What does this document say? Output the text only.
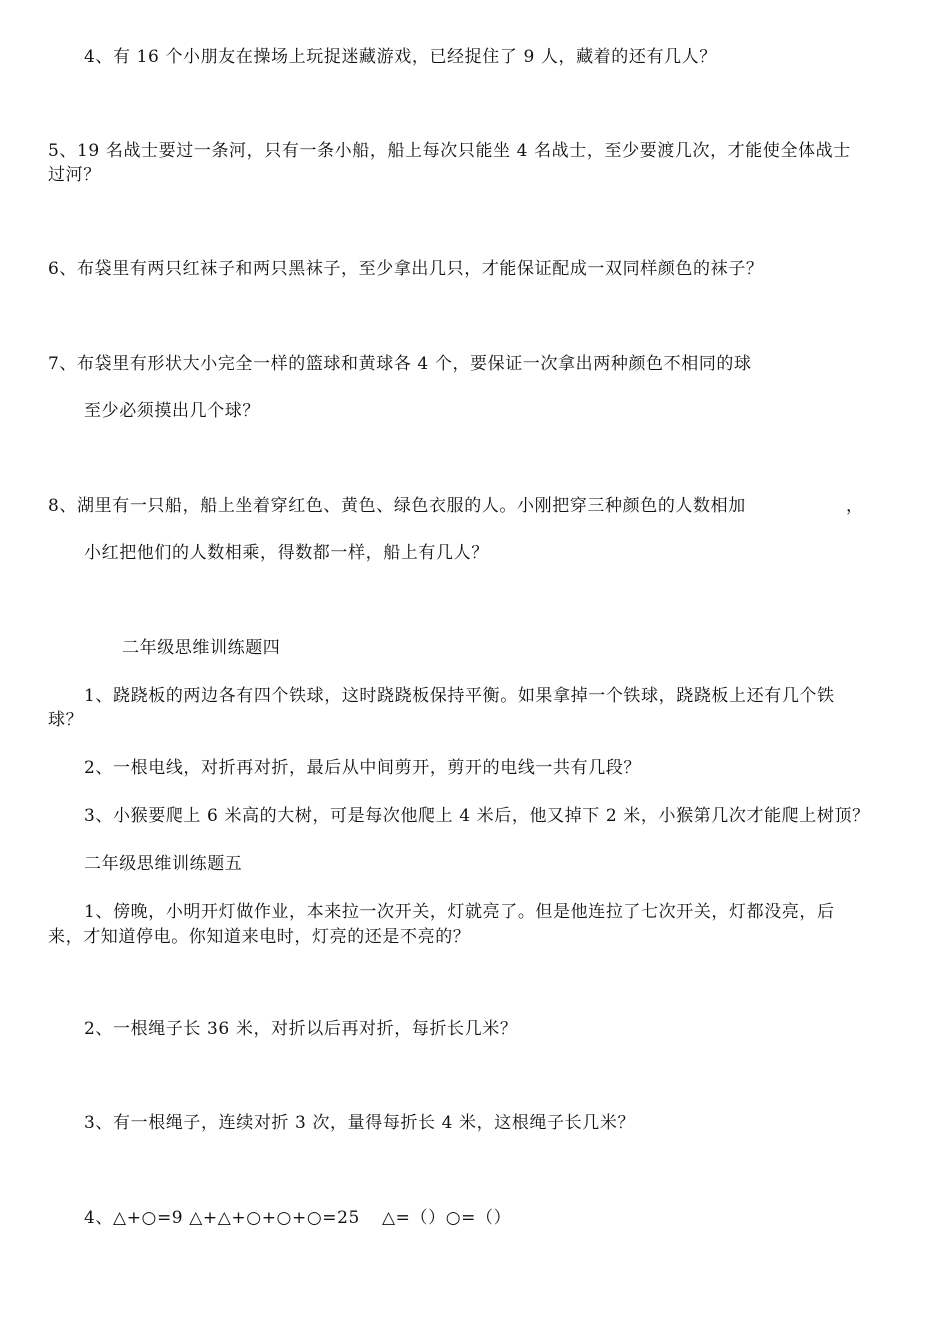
4、有 16 个小朋友在操场上玩捉迷藏游戏，已经捉住了 9 人，藏着的还有几人？
5、19 名战士要过一条河，只有一条小船，船上每次只能坐 4 名战士，至少要渡几次，才能使全体战士
过河？
6、布袋里有两只红袜子和两只黑袜子，至少拿出几只，才能保证配成一双同样颜色的袜子？
7、布袋里有形状大小完全一样的篮球和黄球各 4 个，要保证一次拿出两种颜色不相同的球
至少必须摸出几个球？
8、湖里有一只船，船上坐着穿红色、黄色、绿色衣服的人。小刚把穿三种颜色的人数相加	，
小红把他们的人数相乘，得数都一样，船上有几人？
二年级思维训练题四
1、跷跷板的两边各有四个铁球，这时跷跷板保持平衡。如果拿掉一个铁球，跷跷板上还有几个铁
球？
2、一根电线，对折再对折，最后从中间剪开，剪开的电线一共有几段？
3、小猴要爬上 6 米高的大树，可是每次他爬上 4 米后，他又掉下 2 米，小猴第几次才能爬上树顶？
二年级思维训练题五
1、傍晚，小明开灯做作业，本来拉一次开关，灯就亮了。但是他连拉了七次开关，灯都没亮，后
来，才知道停电。你知道来电时，灯亮的还是不亮的？
2、一根绳子长 36 米，对折以后再对折，每折长几米？
3、有一根绳子，连续对折 3 次，量得每折长 4 米，这根绳子长几米？
4、△+○=9 △+△+○+○+○=25 △=（）○=（）
